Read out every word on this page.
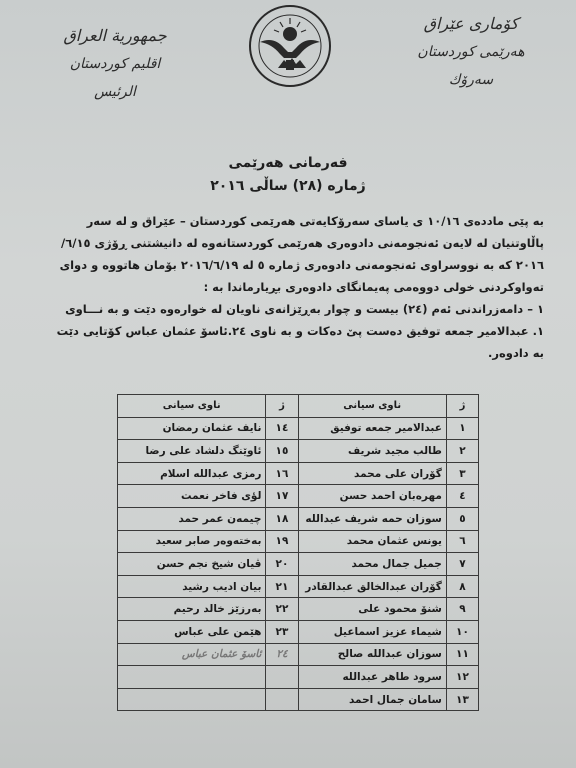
جمهورية العراق
اقليم كوردستان
الرئيس
كۆماری عێراق
هەرێمی كوردستان
سەرۆك
فەرمانی هەرێمی
ژمارە (٢٨) ساڵی ٢٠١٦
بە پێی ماددەی ١٠/١٦ ی یاسای سەرۆكایەتی هەرێمی كوردستان – عێراق و لە سەر
پاڵاوتنیان لە لایەن ئەنجومەنی دادوەری هەرێمی كوردستانەوە لە دانیشتنی ڕۆژی ٦/١٥/
٢٠١٦ كە بە نووسراوی ئەنجومەنی دادوەری ژمارە ٥ لە ٢٠١٦/٦/١٩ بۆمان هاتووە و دوای
تەواوكردنی خولی دووەمی پەیمانگای دادوەری بڕیارماندا بە :
١ – دامەزراندنی ئەم (٢٤) بیست و چوار بەڕێزانەی ناویان لە خوارەوە دێت و بە نـــاوی
١. عبدالامیر جمعە توفیق دەست پێ دەكات و بە ناوی ٢٤.ئاسۆ عثمان عباس كۆتایی دێت
بە دادوەر.
ژ	ناوی سیانی	ژ	ناوی سیانی
١	عبدالامیر جمعە توفیق	١٤	نایف عثمان رمضان
٢	طالب مجید شریف	١٥	ئاوێنگ دلشاد علی رضا
٣	گۆران علی محمد	١٦	رمزی عبداللە اسلام
٤	مهرەبان احمد حسن	١٧	لؤی فاخر نعمت
٥	سوزان حمە شریف عبداللە	١٨	چیمەن عمر حمد
٦	یونس عثمان محمد	١٩	بەختەوەر صابر سعید
٧	جمیل جمال محمد	٢٠	ڤیان شیخ نجم حسن
٨	گۆران عبدالخالق عبدالقادر	٢١	بیان ادیب رشید
٩	شنۆ محمود علی	٢٢	بەرزێز خالد رحیم
١٠	شیماء عزیز اسماعیل	٢٣	هێمن علی عباس
١١	سوزان عبداللە صالح	٢٤	ئاسۆ عثمان عباس
١٢	سرود طاهر عبداللە		
١٣	سامان جمال احمد		
